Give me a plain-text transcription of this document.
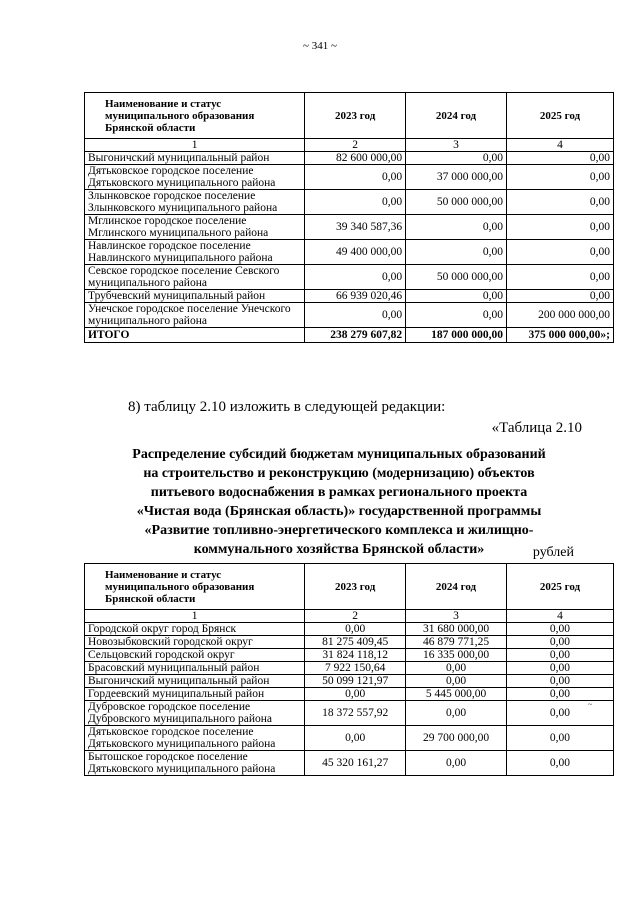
~ 341 ~
Наименование и статус муниципального образования Брянской области	2023 год	2024 год	2025 год
1	2	3	4
Выгоничский муниципальный район	82 600 000,00	0,00	0,00
Дятьковское городское поселение Дятьковского муниципального района	0,00	37 000 000,00	0,00
Злынковское городское поселение Злынковского муниципального района	0,00	50 000 000,00	0,00
Мглинское городское поселение Мглинского муниципального района	39 340 587,36	0,00	0,00
Навлинское городское поселение Навлинского муниципального района	49 400 000,00	0,00	0,00
Севское городское поселение Севского муниципального района	0,00	50 000 000,00	0,00
Трубчевский муниципальный район	66 939 020,46	0,00	0,00
Унечское городское поселение Унечского муниципального района	0,00	0,00	200 000 000,00
ИТОГО	238 279 607,82	187 000 000,00	375 000 000,00»;
8) таблицу 2.10 изложить в следующей редакции:
«Таблица 2.10
Распределение субсидий бюджетам муниципальных образований
на строительство и реконструкцию (модернизацию) объектов
питьевого водоснабжения в рамках регионального проекта
«Чистая вода (Брянская область)» государственной программы
«Развитие топливно-энергетического комплекса и жилищно-
коммунального хозяйства Брянской области»	рублей
Наименование и статус муниципального образования Брянской области	2023 год	2024 год	2025 год
1	2	3	4
Городской округ город Брянск	0,00	31 680 000,00	0,00
Новозыбковский городской округ	81 275 409,45	46 879 771,25	0,00
Сельцовский городской округ	31 824 118,12	16 335 000,00	0,00
Брасовский муниципальный район	7 922 150,64	0,00	0,00
Выгоничский муниципальный район	50 099 121,97	0,00	0,00
Гордеевский муниципальный район	0,00	5 445 000,00	0,00
Дубровское городское поселение Дубровского муниципального района	18 372 557,92	0,00	0,00
Дятьковское городское поселение Дятьковского муниципального района	0,00	29 700 000,00	0,00
Бытошское городское поселение Дятьковского муниципального района	45 320 161,27	0,00	0,00
~
